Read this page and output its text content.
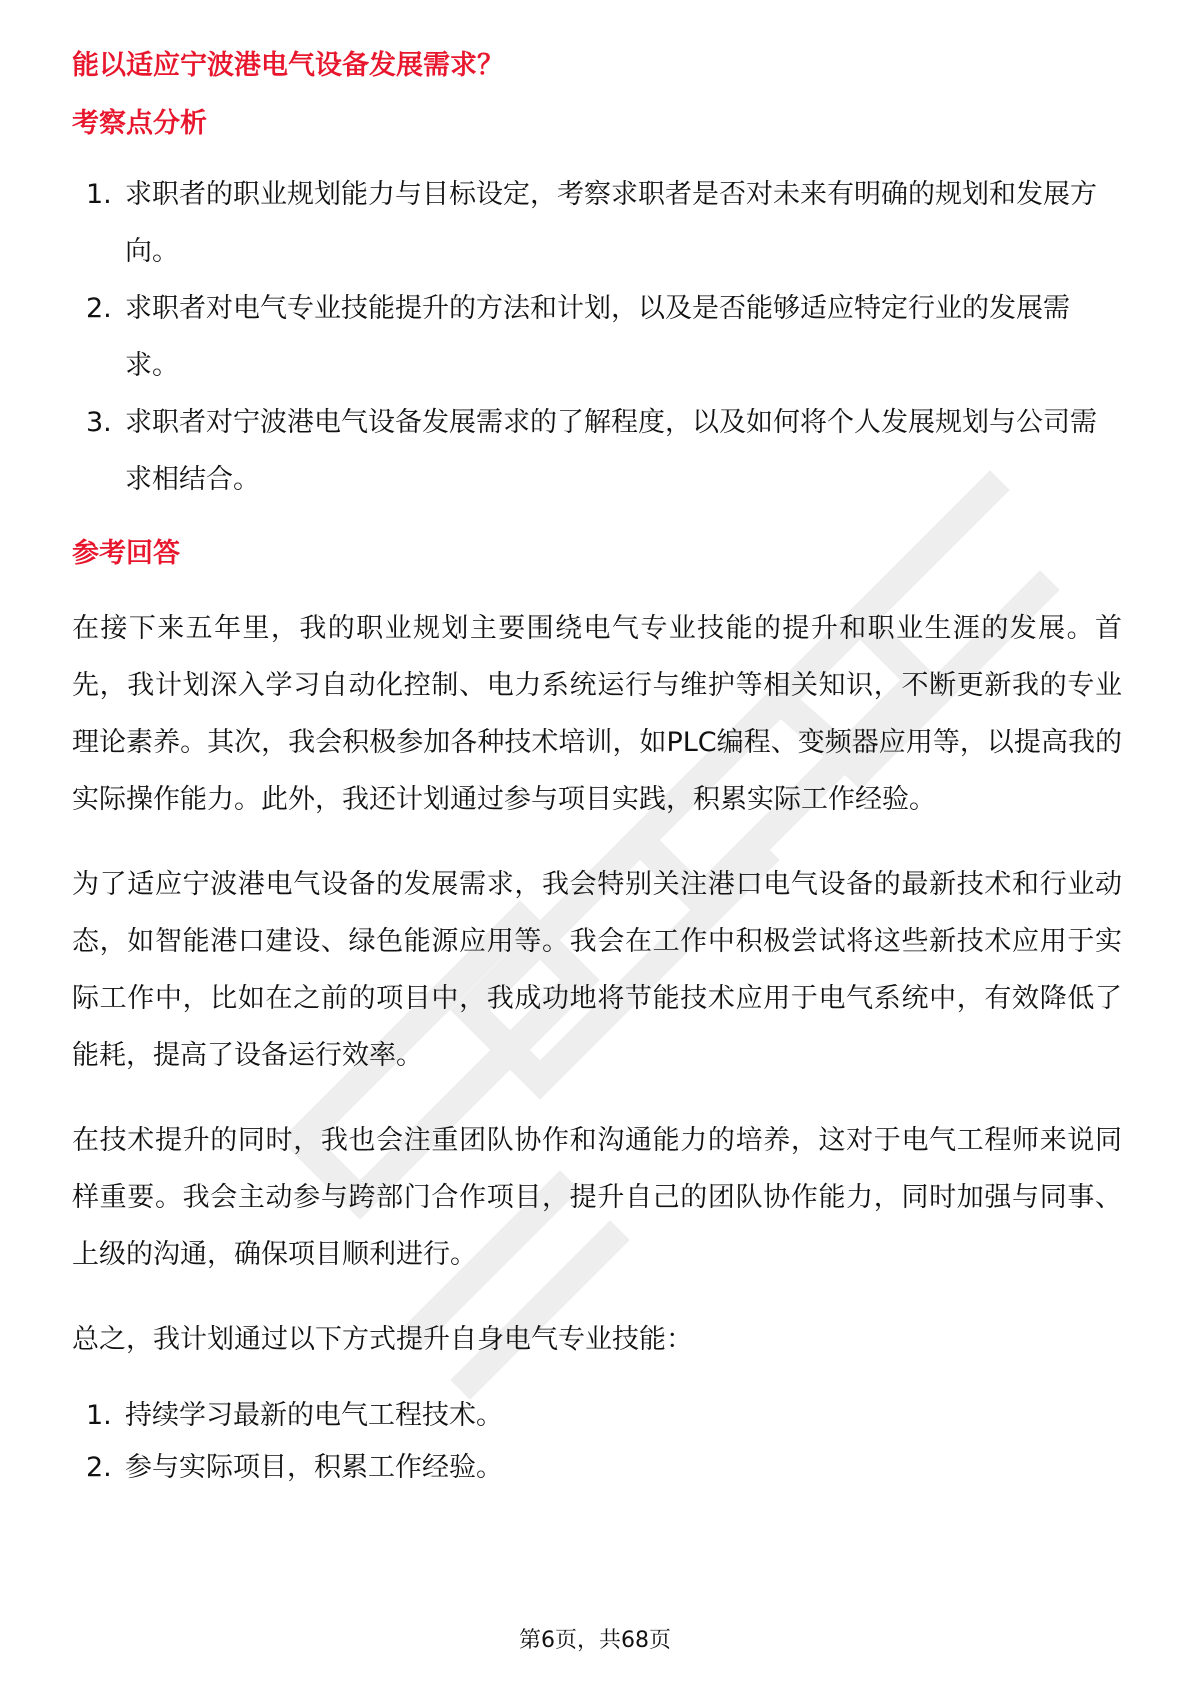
能以适应宁波港电气设备发展需求？

考察点分析

1. 求职者的职业规划能力与目标设定，考察求职者是否对未来有明确的规划和发展方向。
2. 求职者对电气专业技能提升的方法和计划，以及是否能够适应特定行业的发展需求。
3. 求职者对宁波港电气设备发展需求的了解程度，以及如何将个人发展规划与公司需求相结合。

参考回答

在接下来五年里，我的职业规划主要围绕电气专业技能的提升和职业生涯的发展。首先，我计划深入学习自动化控制、电力系统运行与维护等相关知识，不断更新我的专业理论素养。其次，我会积极参加各种技术培训，如PLC编程、变频器应用等，以提高我的实际操作能力。此外，我还计划通过参与项目实践，积累实际工作经验。

为了适应宁波港电气设备的发展需求，我会特别关注港口电气设备的最新技术和行业动态，如智能港口建设、绿色能源应用等。我会在工作中积极尝试将这些新技术应用于实际工作中，比如在之前的项目中，我成功地将节能技术应用于电气系统中，有效降低了能耗，提高了设备运行效率。

在技术提升的同时，我也会注重团队协作和沟通能力的培养，这对于电气工程师来说同样重要。我会主动参与跨部门合作项目，提升自己的团队协作能力，同时加强与同事、上级的沟通，确保项目顺利进行。

总之，我计划通过以下方式提升自身电气专业技能：

1. 持续学习最新的电气工程技术。
2. 参与实际项目，积累工作经验。
第6页，共68页
